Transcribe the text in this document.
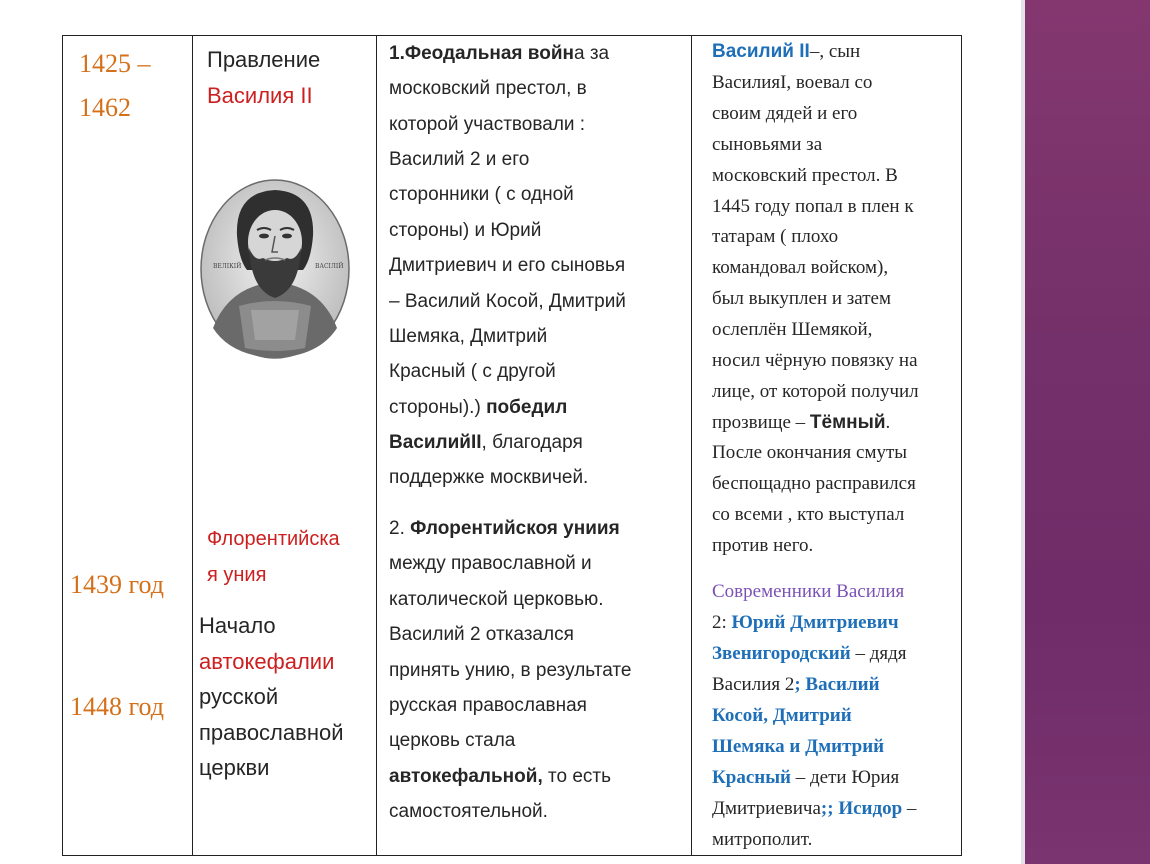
1425 –

1462

1439 год

1448 год

Правление

Василия II

Флорентийска

я уния

Начало

автокефалии

русской

православной

церкви

ВЕЛIКIЙ	ВАСIЛIЙ

1.Феодальная война за

московский престол, в

которой участвовали :

Василий 2 и его

сторонники ( с одной

стороны) и Юрий

Дмитриевич и его сыновья

– Василий Косой, Дмитрий

Шемяка, Дмитрий

Красный ( с другой

стороны).) победил

ВасилийII, благодаря

поддержке москвичей.

2. Флорентийскоя униия

между православной и

католической церковью.

Василий 2 отказался

принять унию, в результате

русская православная

церковь стала

автокефальной, то есть

самостоятельной.

Василий II–, сын

ВасилияI, воевал со

своим дядей и его

сыновьями за

московский престол. В

1445 году попал в плен к

татарам ( плохо

командовал войском),

был выкуплен и затем

ослеплён Шемякой,

носил чёрную повязку на

лице, от которой получил

прозвище – Тёмный.

После окончания смуты

беспощадно расправился

со всеми , кто выступал

против него.

Современники Василия

2: Юрий Дмитриевич

Звенигородский – дядя

Василия 2; Василий

Косой, Дмитрий

Шемяка и Дмитрий

Красный – дети Юрия

Дмитриевича;; Исидор –

митрополит.
